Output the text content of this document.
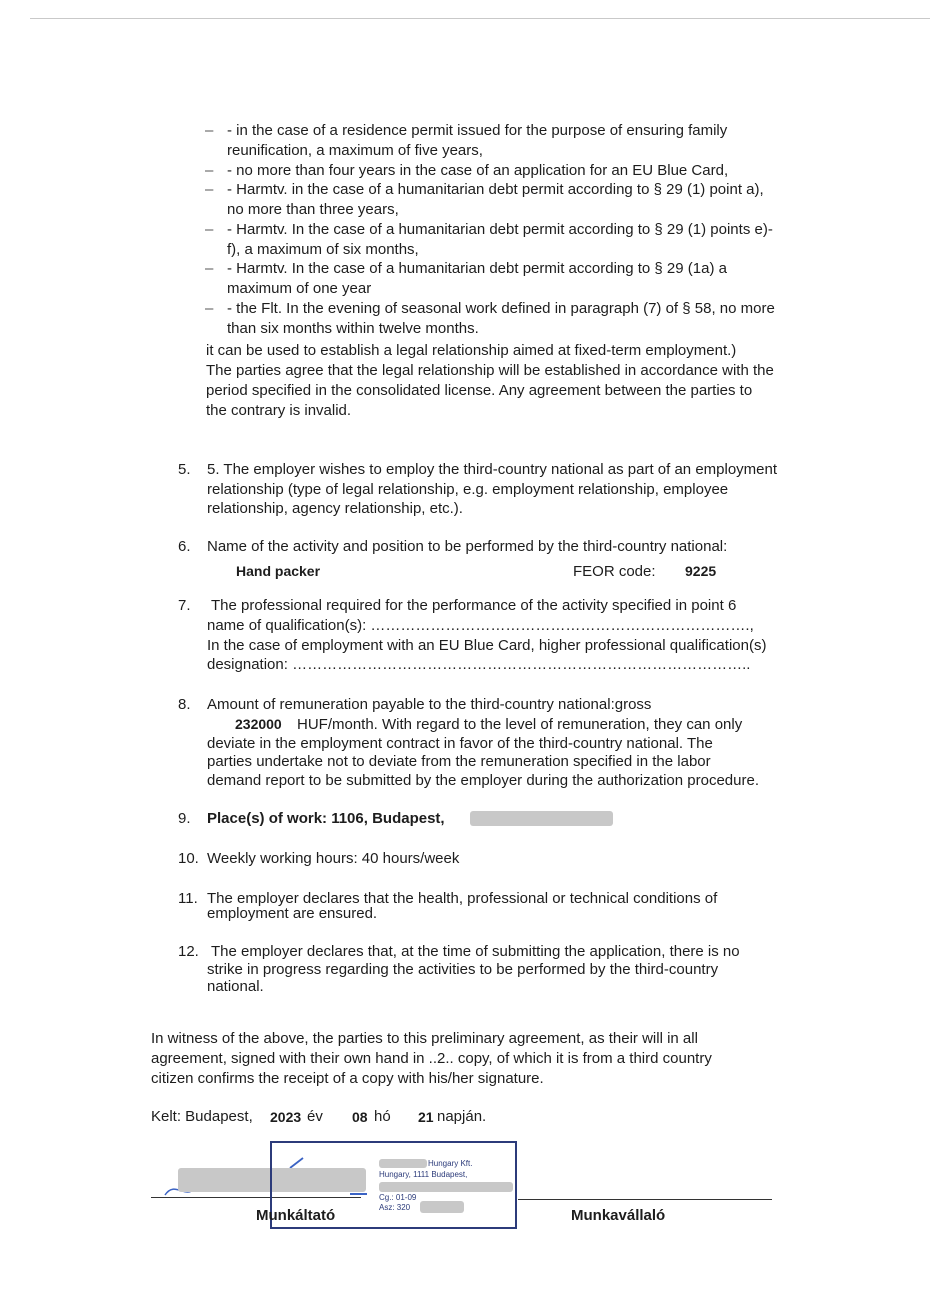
– - in the case of a residence permit issued for the purpose of ensuring family
reunification, a maximum of five years,
– - no more than four years in the case of an application for an EU Blue Card,
– - Harmtv. in the case of a humanitarian debt permit according to § 29 (1) point a),
no more than three years,
– - Harmtv. In the case of a humanitarian debt permit according to § 29 (1) points e)-
f), a maximum of six months,
– - Harmtv. In the case of a humanitarian debt permit according to § 29 (1a) a
maximum of one year
– - the Flt. In the evening of seasonal work defined in paragraph (7) of § 58, no more
than six months within twelve months.
it can be used to establish a legal relationship aimed at fixed-term employment.)
The parties agree that the legal relationship will be established in accordance with the
period specified in the consolidated license. Any agreement between the parties to
the contrary is invalid.
5. 5. The employer wishes to employ the third-country national as part of an employment
relationship (type of legal relationship, e.g. employment relationship, employee
relationship, agency relationship, etc.).
6. Name of the activity and position to be performed by the third-country national:
Hand packer	FEOR code: 9225
7. The professional required for the performance of the activity specified in point 6
name of qualification(s): ………………………………………………………………….,
In the case of employment with an EU Blue Card, higher professional qualification(s)
designation: ………………………………………………………………………………..
8. Amount of remuneration payable to the third-country national:gross
232000 HUF/month. With regard to the level of remuneration, they can only
deviate in the employment contract in favor of the third-country national. The
parties undertake not to deviate from the remuneration specified in the labor
demand report to be submitted by the employer during the authorization procedure.
9. Place(s) of work: 1106, Budapest,
10. Weekly working hours: 40 hours/week
11. The employer declares that the health, professional or technical conditions of
employment are ensured.
12. The employer declares that, at the time of submitting the application, there is no
strike in progress regarding the activities to be performed by the third-country
national.
In witness of the above, the parties to this preliminary agreement, as their will in all
agreement, signed with their own hand in ..2.. copy, of which it is from a third country
citizen confirms the receipt of a copy with his/her signature.
Kelt: Budapest, 2023 év 08 hó 21 napján.
Hungary Kft.
Hungary, 1111 Budapest,
Cg.: 01-09
Asz: 320
Munkáltató	Munkavállaló
